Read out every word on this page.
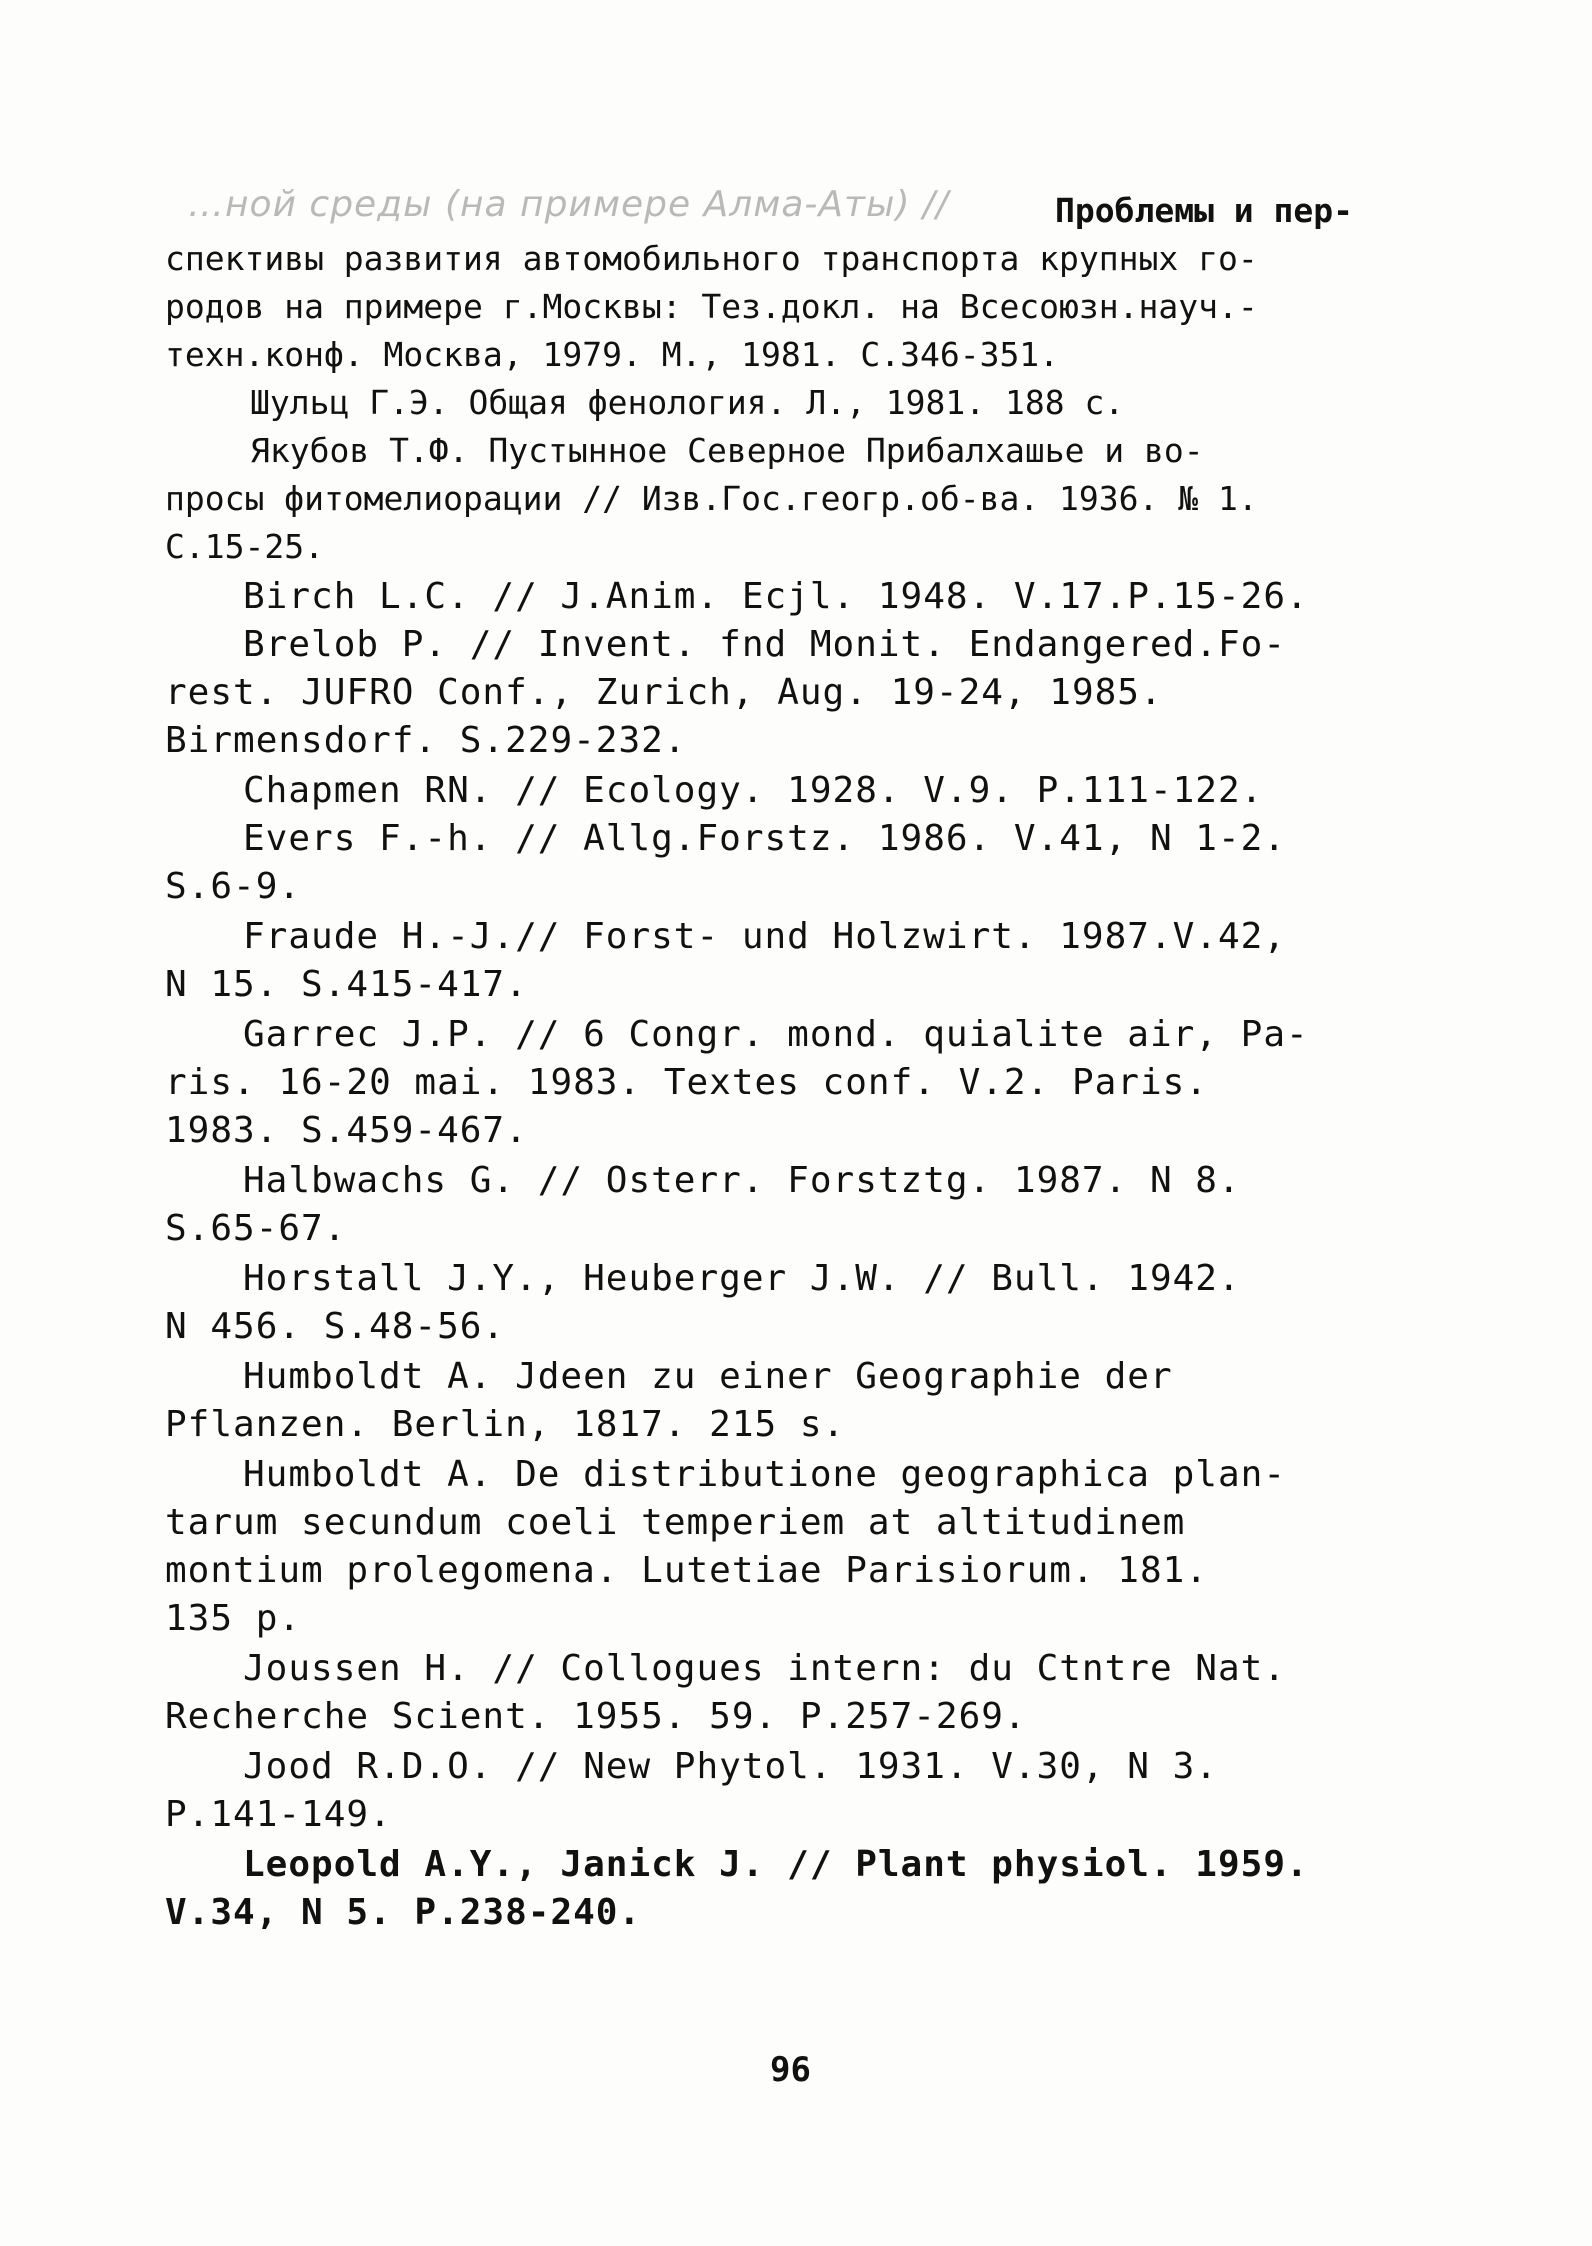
…ной среды (на примере Алма-Аты) //	Проблемы и пер-
спективы развития автомобильного транспорта крупных го-
родов на примере г.Москвы: Тез.докл. на Всесоюзн.науч.-
техн.конф. Москва, 1979. М., 1981. С.346-351.
Шульц Г.Э. Общая фенология. Л., 1981. 188 с.
Якубов Т.Ф. Пустынное Северное Прибалхашье и во-
просы фитомелиорации // Изв.Гос.геогр.об-ва. 1936. № 1.
С.15-25.
Birch L.C. // J.Anim. Ecjl. 1948. V.17.P.15-26.
Brelob P. // Invent. fnd Monit. Endangered.Fo-
rest. JUFRO Conf., Zurich, Aug. 19-24, 1985.
Birmensdorf. S.229-232.
Chapmen RN. // Ecology. 1928. V.9. P.111-122.
Evers F.-h. // Allg.Forstz. 1986. V.41, N 1-2.
S.6-9.
Fraude H.-J.// Forst- und Holzwirt. 1987.V.42,
N 15. S.415-417.
Garrec J.P. // 6 Congr. mond. quialite air, Pa-
ris. 16-20 mai. 1983. Textes conf. V.2. Paris.
1983. S.459-467.
Halbwachs G. // Osterr. Forstztg. 1987. N 8.
S.65-67.
Horstall J.Y., Heuberger J.W. // Bull. 1942.
N 456. S.48-56.
Humboldt A. Jdeen zu einer Geographie der
Pflanzen. Berlin, 1817. 215 s.
Humboldt A. De distributione geographica plan-
tarum secundum coeli temperiem at altitudinem
montium prolegomena. Lutetiae Parisiorum. 181.
135 p.
Joussen H. // Collogues intern: du Ctntre Nat.
Recherche Scient. 1955. 59. P.257-269.
Jood R.D.O. // New Phytol. 1931. V.30, N 3.
P.141-149.
Leopold A.Y., Janick J. // Plant physiol. 1959.
V.34, N 5. P.238-240.
96
